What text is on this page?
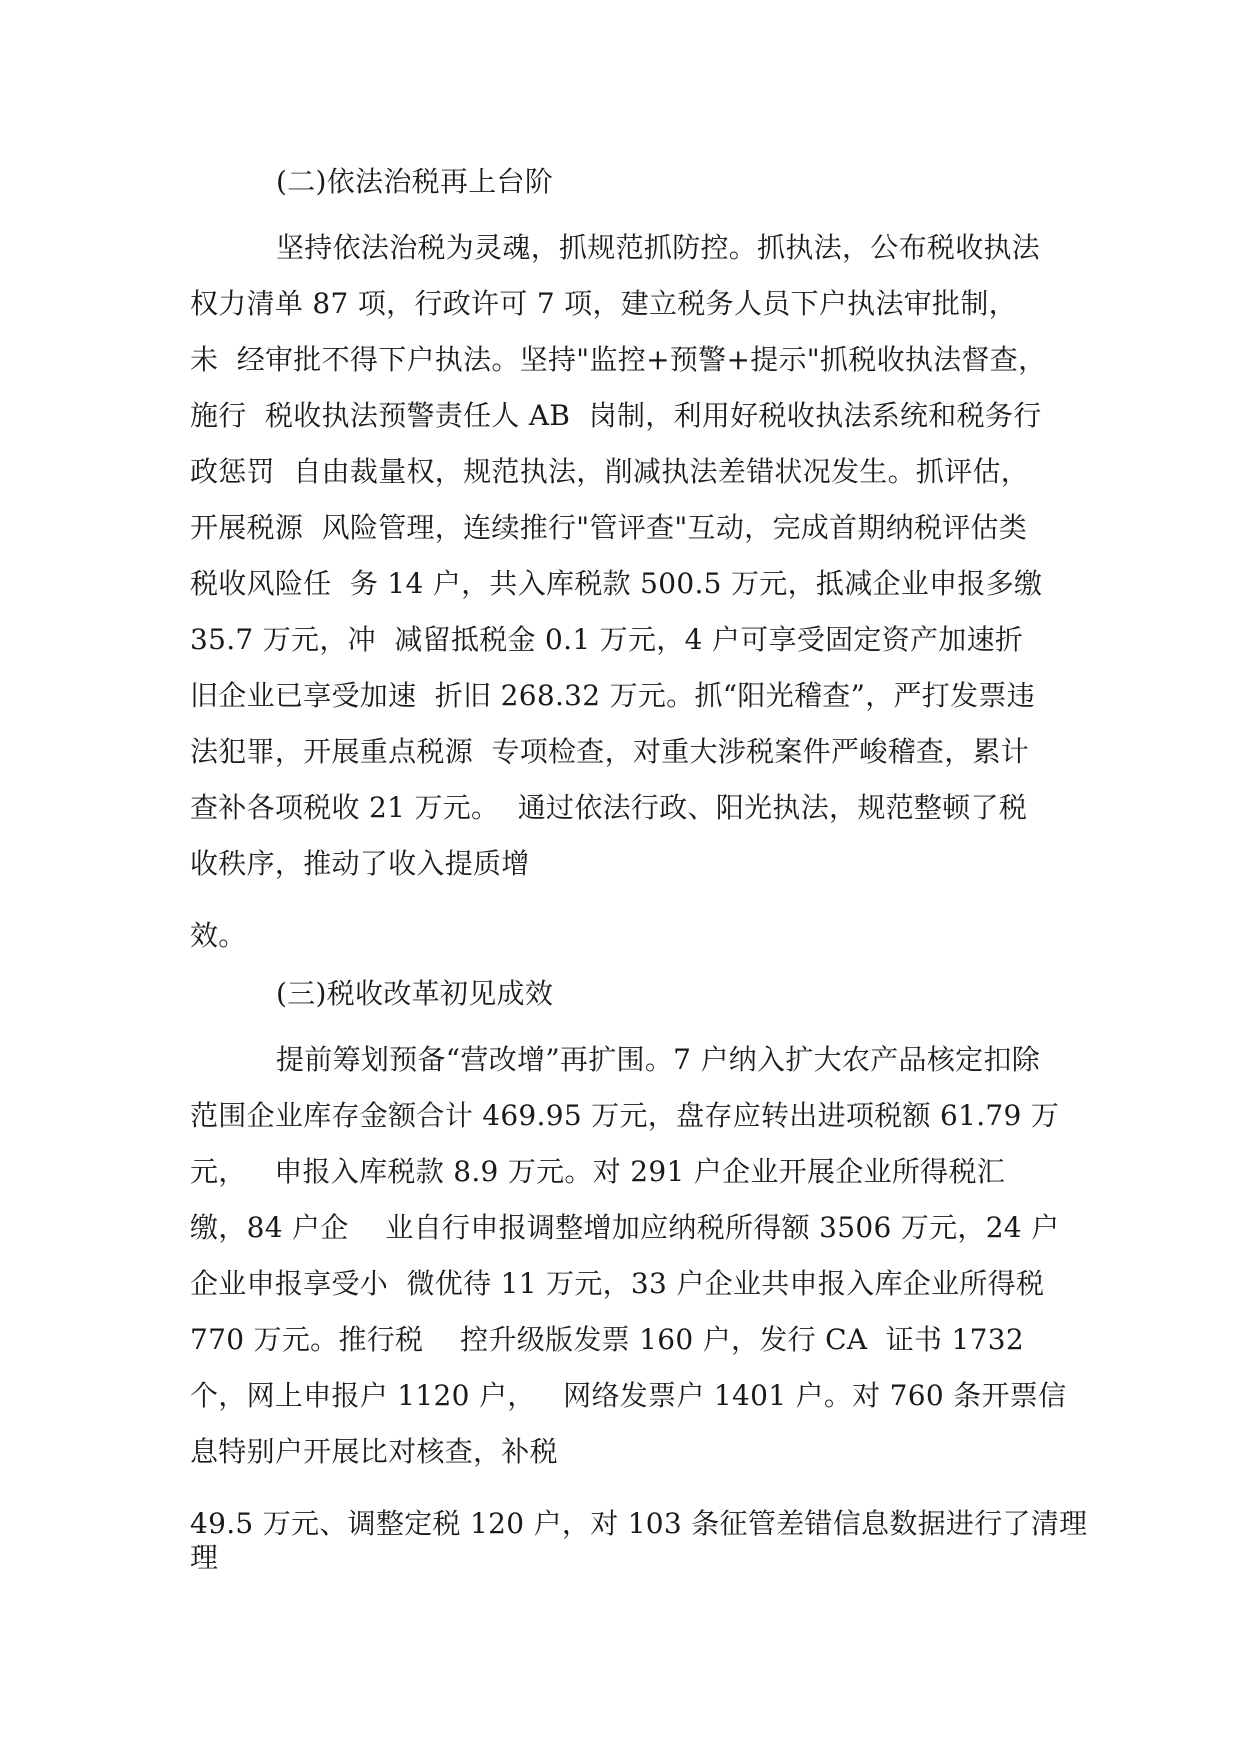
(二)依法治税再上台阶
坚持依法治税为灵魂，抓规范抓防控。抓执法，公布税收执法
权力清单 87 项，行政许可 7 项，建立税务人员下户执法审批制，
未  经审批不得下户执法。坚持"监控+预警+提示"抓税收执法督查，
施行  税收执法预警责任人 AB  岗制，利用好税收执法系统和税务行
政惩罚  自由裁量权，规范执法，削减执法差错状况发生。抓评估，
开展税源  风险管理，连续推行"管评查"互动，完成首期纳税评估类
税收风险任  务 14 户，共入库税款 500.5 万元，抵减企业申报多缴
35.7 万元，冲  减留抵税金 0.1 万元，4 户可享受固定资产加速折
旧企业已享受加速  折旧 268.32 万元。抓“阳光稽查”，严打发票违
法犯罪，开展重点税源  专项检查，对重大涉税案件严峻稽查，累计
查补各项税收 21 万元。  通过依法行政、阳光执法，规范整顿了税
收秩序，推动了收入提质增
效。
(三)税收改革初见成效
提前筹划预备“营改增”再扩围。7 户纳入扩大农产品核定扣除
范围企业库存金额合计 469.95 万元，盘存应转出进项税额 61.79 万
元，   申报入库税款 8.9 万元。对 291 户企业开展企业所得税汇
缴，84 户企    业自行申报调整增加应纳税所得额 3506 万元，24 户
企业申报享受小  微优待 11 万元，33 户企业共申报入库企业所得税
770 万元。推行税    控升级版发票 160 户，发行 CA  证书 1732
个，网上申报户 1120 户，   网络发票户 1401 户。对 760 条开票信
息特别户开展比对核查，补税
49.5 万元、调整定税 120 户，对 103 条征管差错信息数据进行了清理
理
